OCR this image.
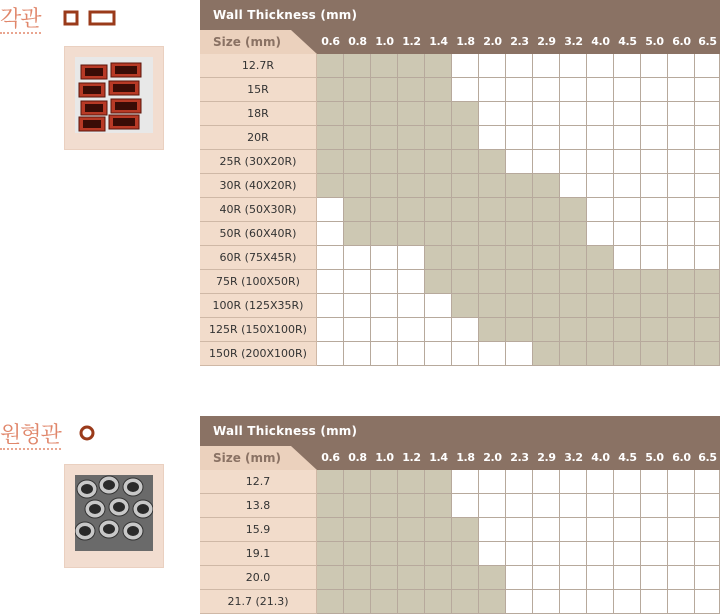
각관	Wall Thickness (mm)
Size (mm)	0.6 0.8 1.0 1.2 1.4 1.8 2.0 2.3 2.9 3.2 4.0 4.5 5.0 6.0 6.5
12.7R
15R
18R
20R
25R (30X20R)
30R (40X20R)
40R (50X30R)
50R (60X40R)
60R (75X45R)
75R (100X50R)
100R (125X35R)
125R (150X100R)
150R (200X100R)
원형관	Wall Thickness (mm)
Size (mm)	0.6 0.8 1.0 1.2 1.4 1.8 2.0 2.3 2.9 3.2 4.0 4.5 5.0 6.0 6.5
12.7
13.8
15.9
19.1
20.0
21.7 (21.3)
